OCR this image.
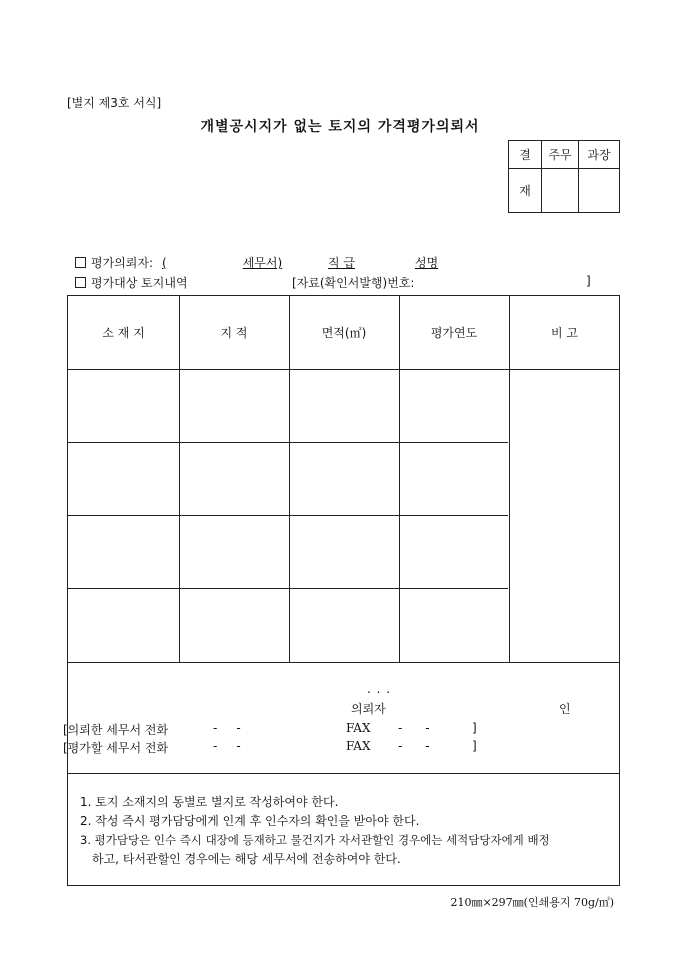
[별지 제3호 서식]
개별공시지가 없는 토지의 가격평가의뢰서
결	주무	과장
재		
평가의뢰자: (	세무서)	직 급	성명
평가대상 토지내역	[자료(확인서발행)번호:	]
소 재 지	지 적	면적(㎡)	평가연도	비 고
. . .
의뢰자	인
[의뢰한 세무서 전화	-     -	FAX -      -	]
[평가할 세무서 전화	-     -	FAX -      -	]
1. 토지 소재지의 동별로 별지로 작성하여야 한다.
2. 작성 즉시 평가담당에게 인계 후 인수자의 확인을 받아야 한다.
3. 평가담당은 인수 즉시 대장에 등재하고 물건지가 자서관할인 경우에는 세적담당자에게 배정
하고, 타서관할인 경우에는 해당 세무서에 전송하여야 한다.
210㎜×297㎜(인쇄용지 70g/㎡)
